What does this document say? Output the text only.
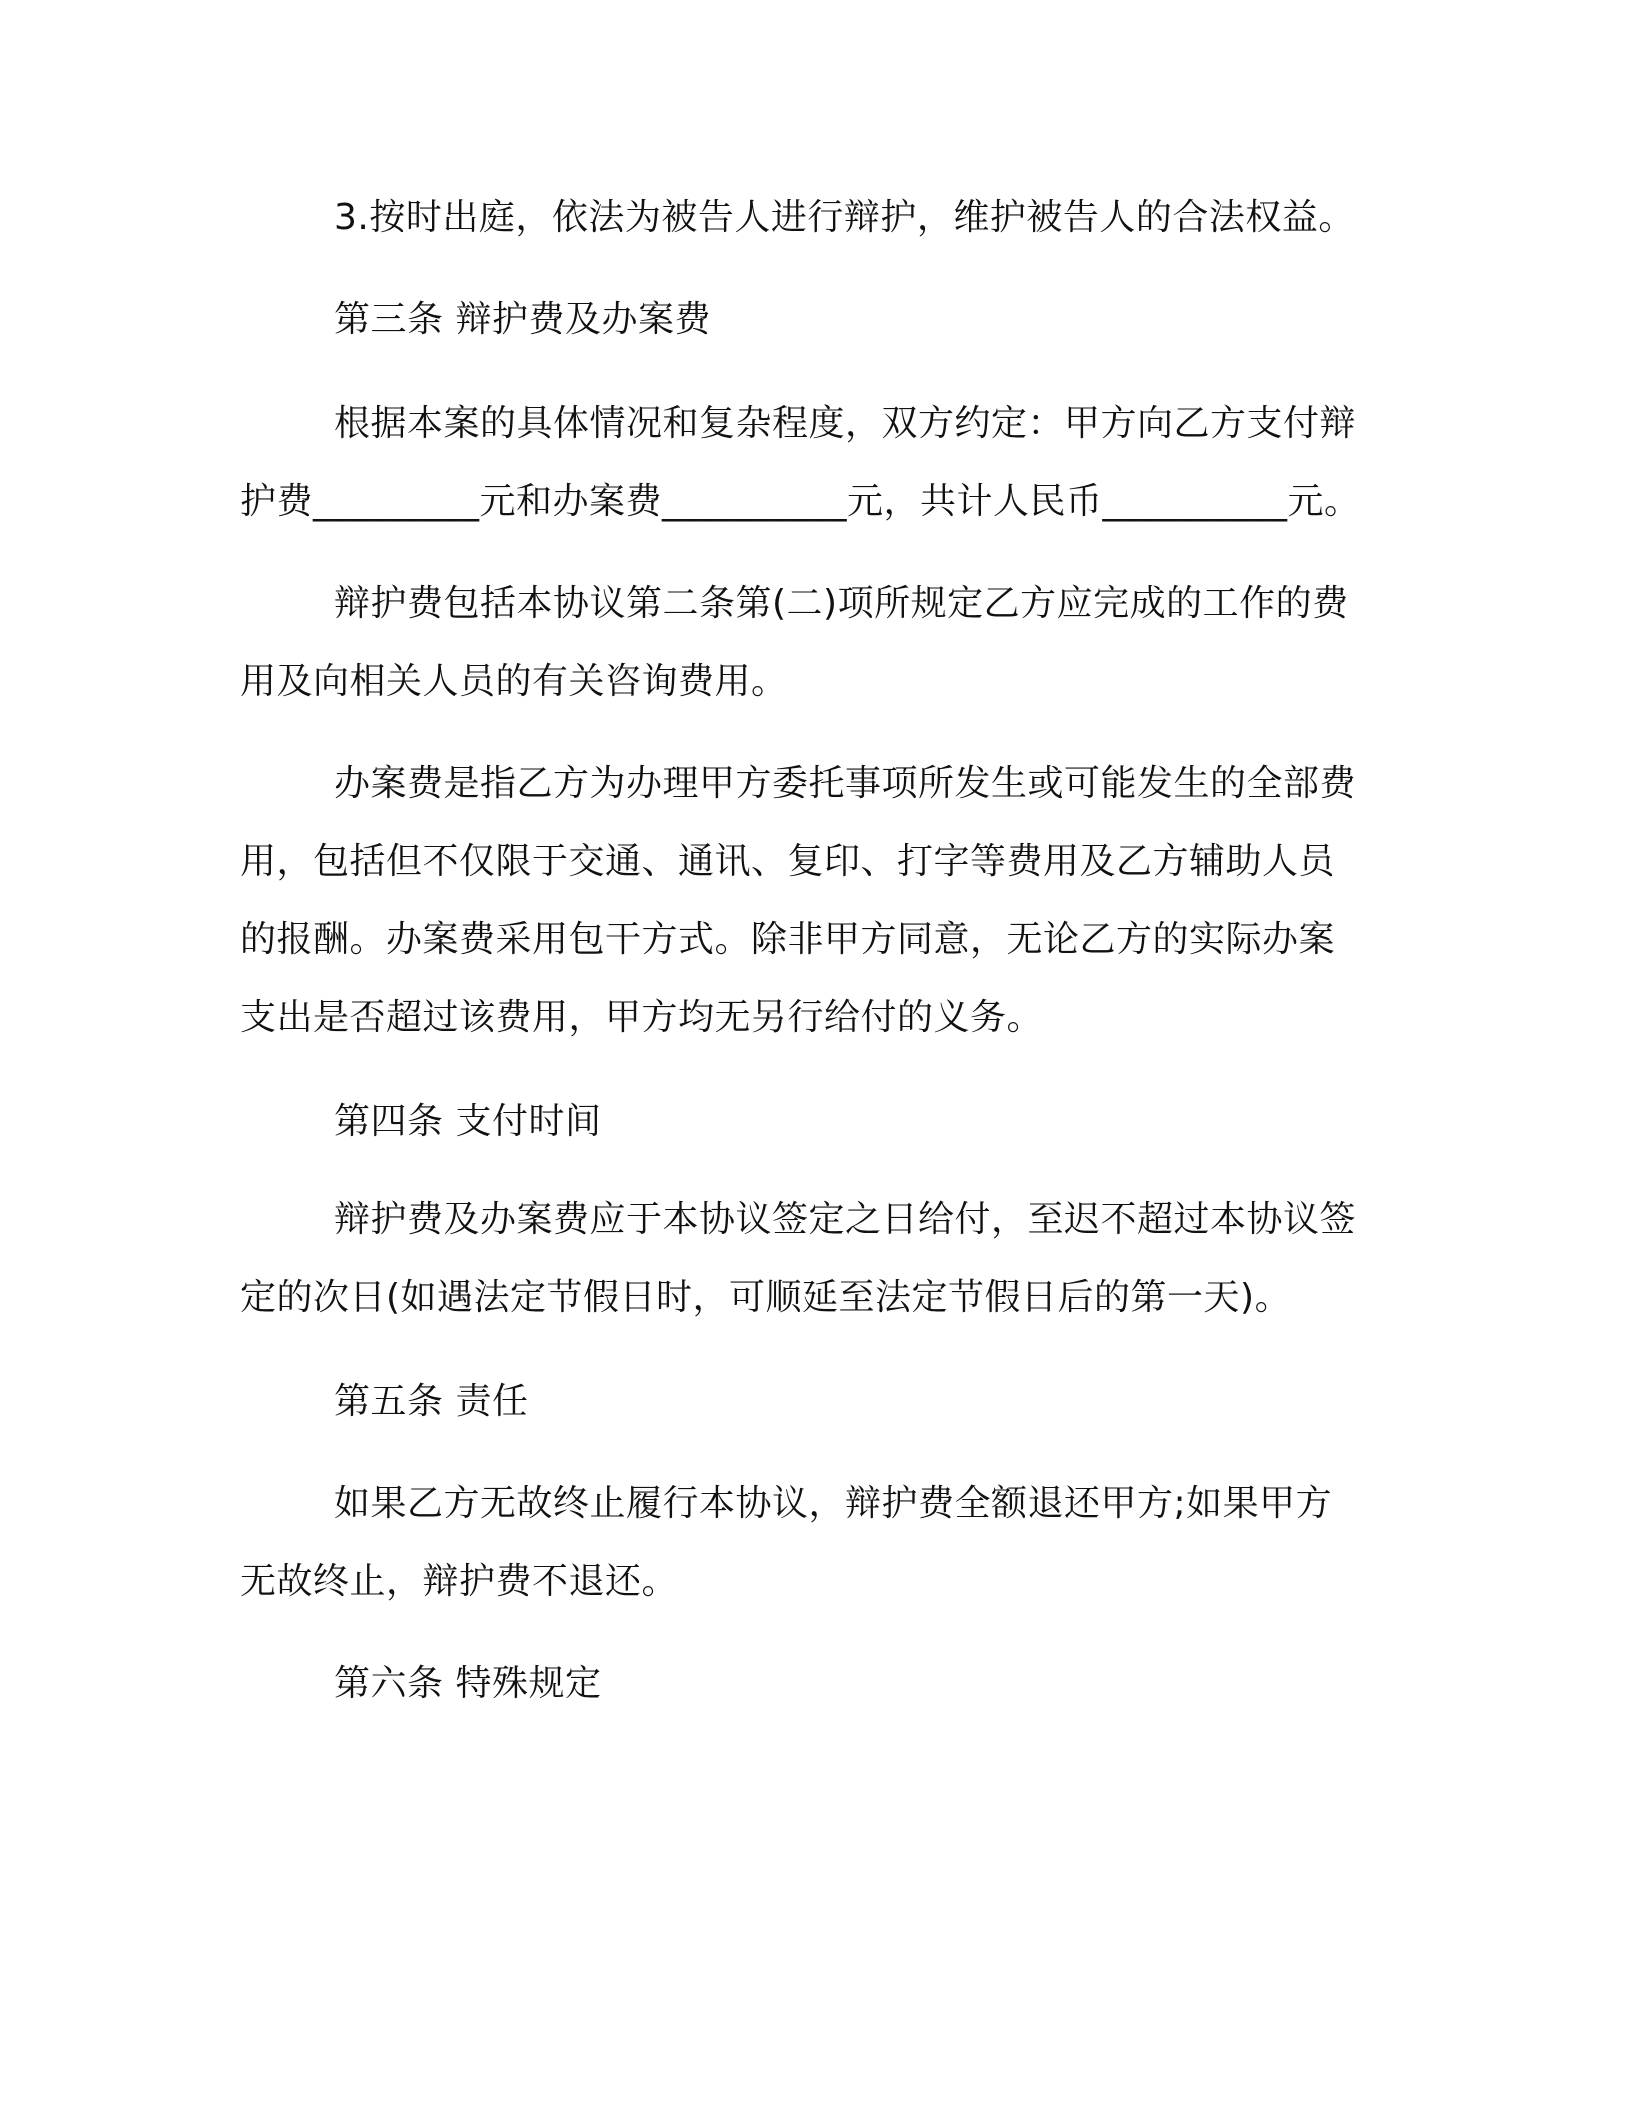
3.按时出庭，依法为被告人进行辩护，维护被告人的合法权益。
第三条 辩护费及办案费
根据本案的具体情况和复杂程度，双方约定：甲方向乙方支付辩
护费_________元和办案费__________元，共计人民币__________元。
辩护费包括本协议第二条第(二)项所规定乙方应完成的工作的费
用及向相关人员的有关咨询费用。
办案费是指乙方为办理甲方委托事项所发生或可能发生的全部费
用，包括但不仅限于交通、通讯、复印、打字等费用及乙方辅助人员
的报酬。办案费采用包干方式。除非甲方同意，无论乙方的实际办案
支出是否超过该费用，甲方均无另行给付的义务。
第四条 支付时间
辩护费及办案费应于本协议签定之日给付，至迟不超过本协议签
定的次日(如遇法定节假日时，可顺延至法定节假日后的第一天)。
第五条 责任
如果乙方无故终止履行本协议，辩护费全额退还甲方;如果甲方
无故终止，辩护费不退还。
第六条 特殊规定
